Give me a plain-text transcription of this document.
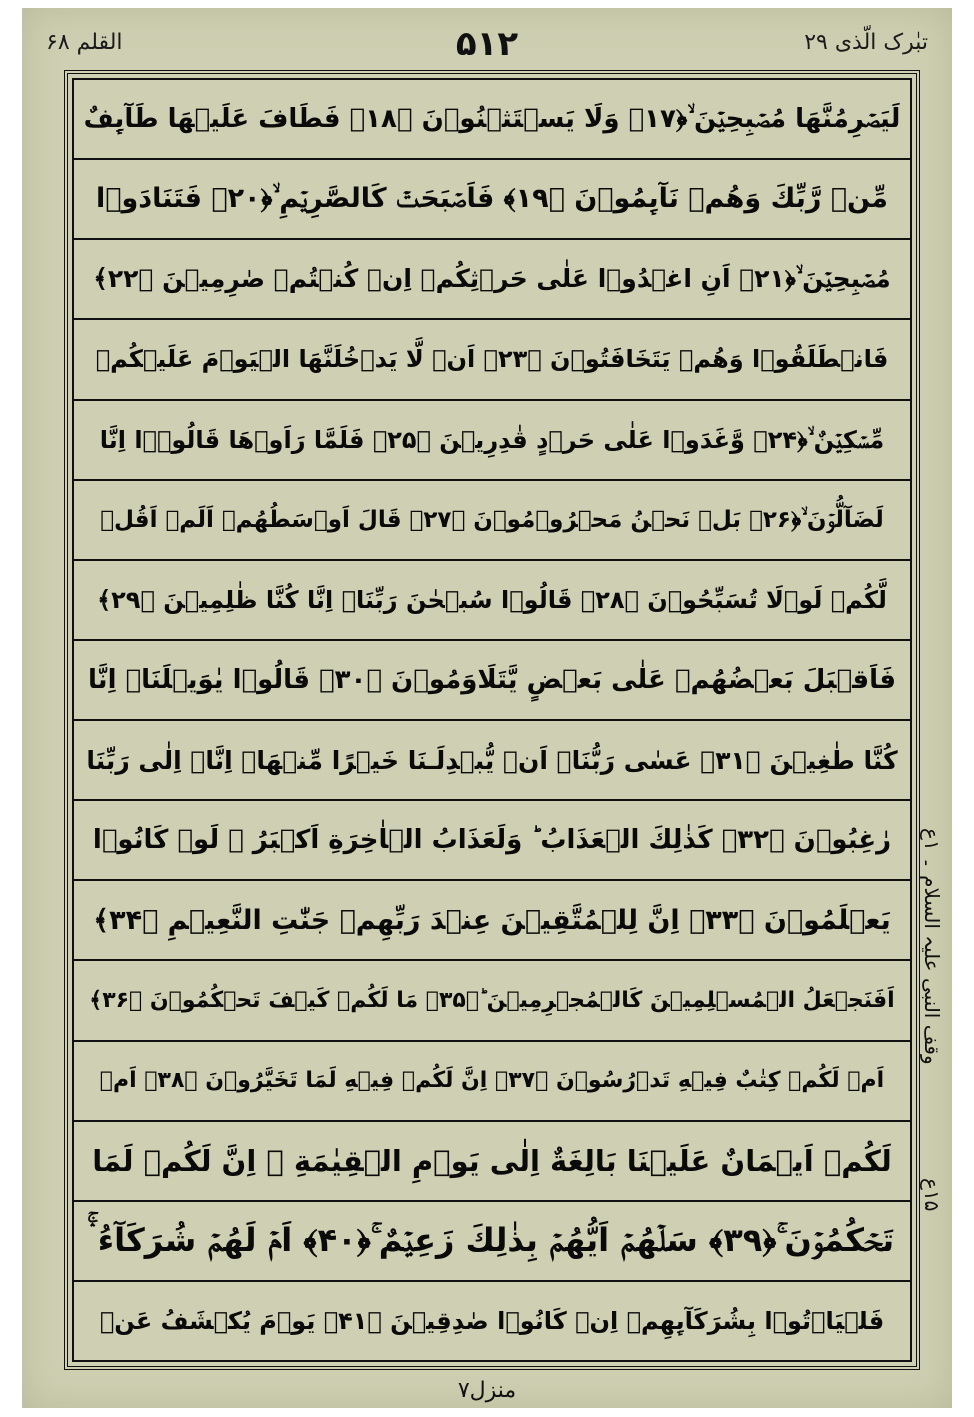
تبٰرک الّذی ۲۹
۵۱۲
القلم ۶۸
لَيَصۡرِمُنَّهَا مُصۡبِحِيۡنَ ۙ﴿۱۷﴾ وَلَا يَسۡتَثۡنُوۡنَ ﴿۱۸﴾ فَطَافَ عَلَيۡهَا طَآٮِٕفٌ
مِّنۡ رَّبِّكَ وَهُمۡ نَآٮِٕمُوۡنَ ﴿۱۹﴾ فَاَصۡبَحَتۡ كَالصَّرِيۡمِ ۙ﴿۲۰﴾ فَتَنَادَوۡا
مُصۡبِحِيۡنَ ۙ﴿۲۱﴾ اَنِ اغۡدُوۡا عَلٰى حَرۡثِكُمۡ اِنۡ كُنۡتُمۡ صٰرِمِيۡنَ ﴿۲۲﴾
فَانۡطَلَقُوۡا وَهُمۡ يَتَخَافَتُوۡنَ ﴿۲۳﴾ اَنۡ لَّا يَدۡخُلَنَّهَا الۡيَوۡمَ عَلَيۡكُمۡ
مِّسۡكِيۡنٌ ۙ﴿۲۴﴾ وَّغَدَوۡا عَلٰى حَرۡدٍ قٰدِرِيۡنَ ﴿۲۵﴾ فَلَمَّا رَاَوۡهَا قَالُوۡۤا اِنَّا
لَضَآلُّوۡنَ ۙ﴿۲۶﴾ بَلۡ نَحۡنُ مَحۡرُوۡمُوۡنَ ﴿۲۷﴾ قَالَ اَوۡسَطُهُمۡ اَلَمۡ اَقُلۡ
لَّكُمۡ لَوۡلَا تُسَبِّحُوۡنَ ﴿۲۸﴾ قَالُوۡا سُبۡحٰنَ رَبِّنَاۤ اِنَّا كُنَّا ظٰلِمِيۡنَ ﴿۲۹﴾
فَاَقۡبَلَ بَعۡضُهُمۡ عَلٰى بَعۡضٍ يَّتَلَاوَمُوۡنَ ﴿۳۰﴾ قَالُوۡا يٰوَيۡلَنَاۤ اِنَّا
كُنَّا طٰغِيۡنَ ﴿۳۱﴾ عَسٰى رَبُّنَاۤ اَنۡ يُّبۡدِلَـنَا خَيۡرًا مِّنۡهَاۤ اِنَّاۤ اِلٰى رَبِّنَا
رٰغِبُوۡنَ ﴿۳۲﴾ كَذٰلِكَ الۡعَذَابُ ؕ وَلَعَذَابُ الۡاٰخِرَةِ اَكۡبَرُ ۘ لَوۡ كَانُوۡا
يَعۡلَمُوۡنَ ﴿۳۳﴾ اِنَّ لِلۡمُتَّقِيۡنَ عِنۡدَ رَبِّهِمۡ جَنّٰتِ النَّعِيۡمِ ﴿۳۴﴾
اَفَنَجۡعَلُ الۡمُسۡلِمِيۡنَ كَالۡمُجۡرِمِيۡنَ ؕ﴿۳۵﴾ مَا لَكُمۡ كَيۡفَ تَحۡكُمُوۡنَ ﴿۳۶﴾
اَمۡ لَكُمۡ كِتٰبٌ فِيۡهِ تَدۡرُسُوۡنَ ﴿۳۷﴾ اِنَّ لَكُمۡ فِيۡهِ لَمَا تَخَيَّرُوۡنَ ﴿۳۸﴾ اَمۡ
لَكُمۡ اَيۡمَانٌ عَلَيۡنَا بَالِغَةٌ اِلٰى يَوۡمِ الۡقِيٰمَةِ ۙ اِنَّ لَكُمۡ لَمَا
تَحۡكُمُوۡنَ ۚ﴿۳۹﴾ سَلۡهُمۡ اَيُّهُمۡ بِذٰلِكَ زَعِيۡمٌ ۚ﴿۴۰﴾ اَمۡ لَهُمۡ شُرَكَآءُ ۛۚ
فَلۡيَاۡتُوۡا بِشُرَكَآٮِٕهِمۡ اِنۡ كَانُوۡا صٰدِقِيۡنَ ﴿۴۱﴾ يَوۡمَ يُكۡشَفُ عَنۡ
وقف النبی علیہ السلام ۔ ۱ع
۱۵ع
منزل۷
